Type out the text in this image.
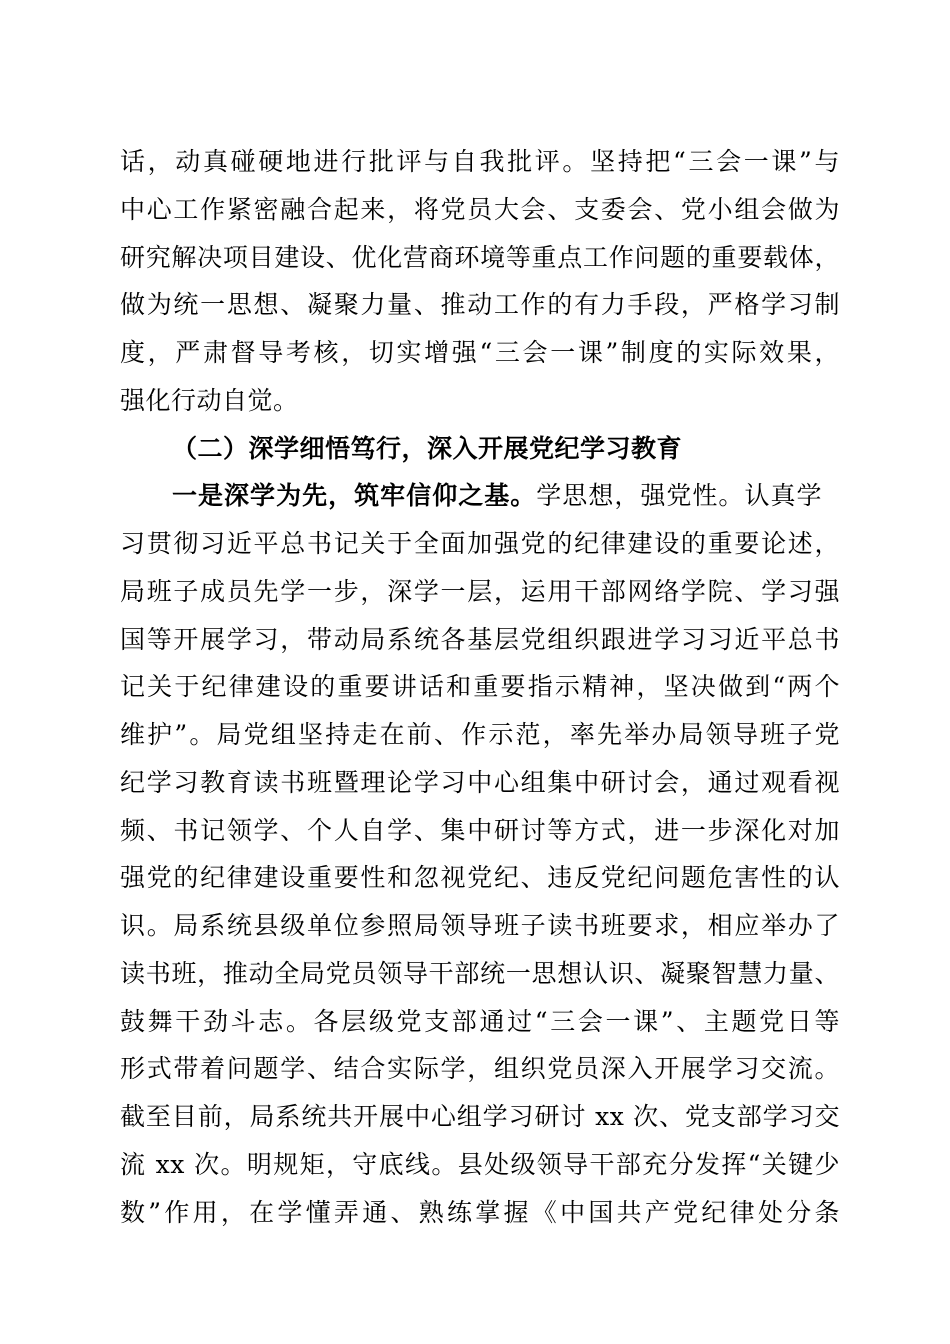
话，动真碰硬地进行批评与自我批评。坚持把“三会一课”与
中心工作紧密融合起来，将党员大会、支委会、党小组会做为
研究解决项目建设、优化营商环境等重点工作问题的重要载体，
做为统一思想、凝聚力量、推动工作的有力手段，严格学习制
度，严肃督导考核，切实增强“三会一课”制度的实际效果，
强化行动自觉。
（二）深学细悟笃行，深入开展党纪学习教育
一是深学为先，筑牢信仰之基。学思想，强党性。认真学
习贯彻习近平总书记关于全面加强党的纪律建设的重要论述，
局班子成员先学一步，深学一层，运用干部网络学院、学习强
国等开展学习，带动局系统各基层党组织跟进学习习近平总书
记关于纪律建设的重要讲话和重要指示精神，坚决做到“两个
维护”。局党组坚持走在前、作示范，率先举办局领导班子党
纪学习教育读书班暨理论学习中心组集中研讨会，通过观看视
频、书记领学、个人自学、集中研讨等方式，进一步深化对加
强党的纪律建设重要性和忽视党纪、违反党纪问题危害性的认
识。局系统县级单位参照局领导班子读书班要求，相应举办了
读书班，推动全局党员领导干部统一思想认识、凝聚智慧力量、
鼓舞干劲斗志。各层级党支部通过“三会一课”、主题党日等
形式带着问题学、结合实际学，组织党员深入开展学习交流。
截至目前，局系统共开展中心组学习研讨 xx 次、党支部学习交
流 xx 次。明规矩，守底线。县处级领导干部充分发挥“关键少
数”作用，在学懂弄通、熟练掌握《中国共产党纪律处分条
